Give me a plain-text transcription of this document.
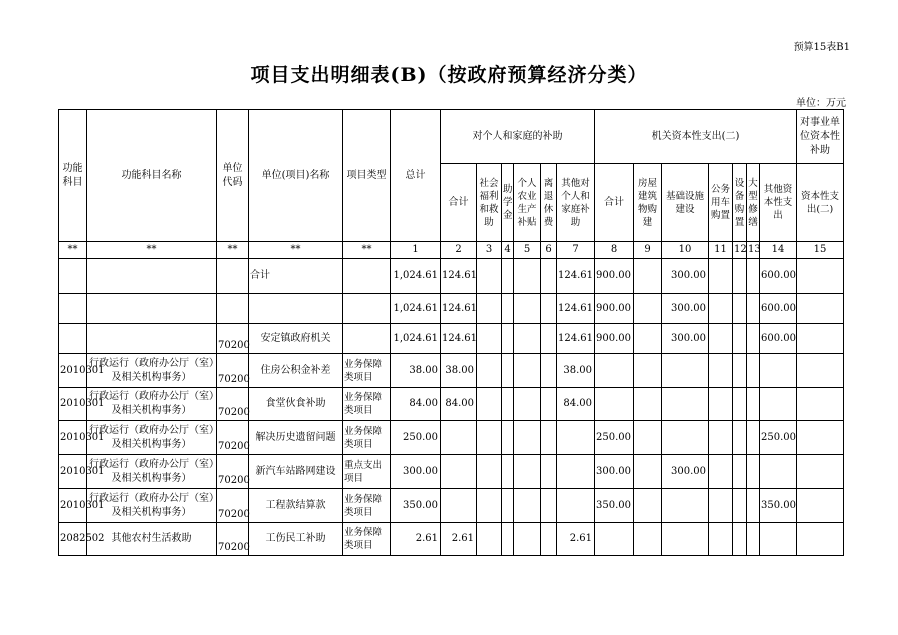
预算15表B1
项目支出明细表(B)（按政府预算经济分类）
单位：万元
功能科目	功能科目名称	单位代码	单位(项目)名称	项目类型	总计	对个人和家庭的补助						机关资本性支出(二)							对事业单位资本性补助
						合计	社会福利和救助	助学金	个人农业生产补贴	离退休费	其他对个人和家庭补助	合计	房屋建筑物购建	基础设施建设	公务用车购置	设备购置	大型修缮	其他资本性支出	资本性支出(二)
**	**	**	**	**	1	2	3	4	5	6	7	8	9	10	11	12	13	14	15
			合计		1,024.61	124.61					124.61	900.00		300.00				600.00	
					1,024.61	124.61					124.61	900.00		300.00				600.00	
		70200	安定镇政府机关		1,024.61	124.61					124.61	900.00		300.00				600.00	
2010301	行政运行（政府办公厅（室）及相关机构事务）	70200	住房公积金补差	业务保障类项目	38.00	38.00					38.00								
2010301	行政运行（政府办公厅（室）及相关机构事务）	70200	食堂伙食补助	业务保障类项目	84.00	84.00					84.00								
2010301	行政运行（政府办公厅（室）及相关机构事务）	70200	解决历史遗留问题	业务保障类项目	250.00							250.00						250.00	
2010301	行政运行（政府办公厅（室）及相关机构事务）	70200	新汽车站路网建设	重点支出项目	300.00							300.00		300.00					
2010301	行政运行（政府办公厅（室）及相关机构事务）	70200	工程款结算款	业务保障类项目	350.00							350.00						350.00	
2082502	其他农村生活救助	70200	工伤民工补助	业务保障类项目	2.61	2.61					2.61								
